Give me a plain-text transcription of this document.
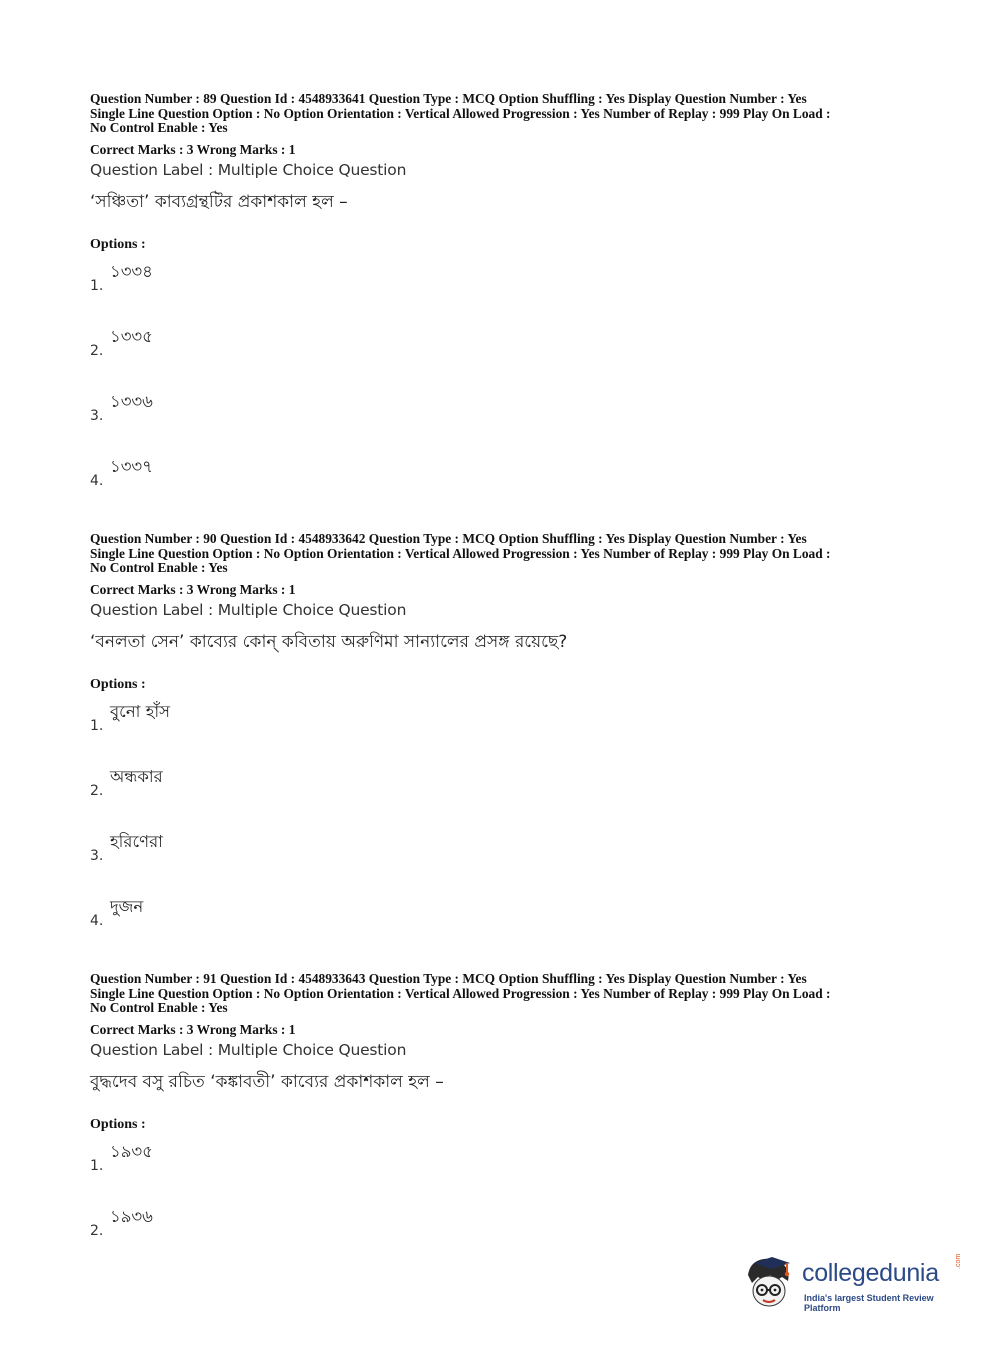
Question Number : 89 Question Id : 4548933641 Question Type : MCQ Option Shuffling : Yes Display Question Number : Yes
Single Line Question Option : No Option Orientation : Vertical Allowed Progression : Yes Number of Replay : 999 Play On Load :
No Control Enable : Yes
Correct Marks : 3 Wrong Marks : 1
Question Label : Multiple Choice Question
‘সঞ্চিতা’ কাব্যগ্রন্থটির প্রকাশকাল হল –
Options :
১৩৩৪
1.
১৩৩৫
2.
১৩৩৬
3.
১৩৩৭
4.
Question Number : 90 Question Id : 4548933642 Question Type : MCQ Option Shuffling : Yes Display Question Number : Yes
Single Line Question Option : No Option Orientation : Vertical Allowed Progression : Yes Number of Replay : 999 Play On Load :
No Control Enable : Yes
Correct Marks : 3 Wrong Marks : 1
Question Label : Multiple Choice Question
‘বনলতা সেন’ কাব্যের কোন্ কবিতায় অরুণিমা সান্যালের প্রসঙ্গ রয়েছে?
Options :
বুনো হাঁস
1.
অন্ধকার
2.
হরিণেরা
3.
দুজন
4.
Question Number : 91 Question Id : 4548933643 Question Type : MCQ Option Shuffling : Yes Display Question Number : Yes
Single Line Question Option : No Option Orientation : Vertical Allowed Progression : Yes Number of Replay : 999 Play On Load :
No Control Enable : Yes
Correct Marks : 3 Wrong Marks : 1
Question Label : Multiple Choice Question
বুদ্ধদেব বসু রচিত ‘কঙ্কাবতী’ কাব্যের প্রকাশকাল হল –
Options :
১৯৩৫
1.
১৯৩৬
2.
collegedunia .com
India's largest Student Review Platform
